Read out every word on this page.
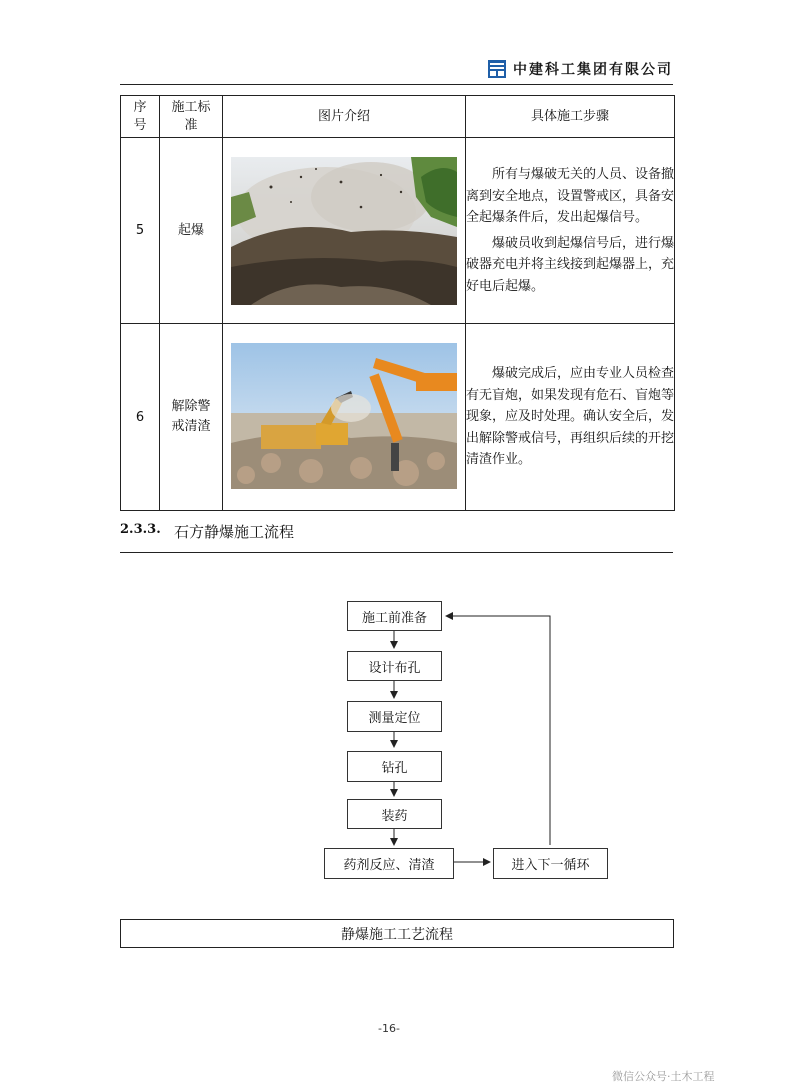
中建科工集团有限公司
序号	施工标准	图片介绍	具体施工步骤
5	起爆		所有与爆破无关的人员、设备撤离到安全地点，设置警戒区，具备安全起爆条件后，发出起爆信号。

爆破员收到起爆信号后，进行爆破器充电并将主线接到起爆器上，充好电后起爆。

6	解除警戒清渣		爆破完成后，应由专业人员检查有无盲炮，如果发现有危石、盲炮等现象，应及时处理。确认安全后，发出解除警戒信号，再组织后续的开挖清渣作业。

2.3.3. 石方静爆施工流程
施工前准备
设计布孔
测量定位
钻孔
装药
药剂反应、清渣	进入下一循环
静爆施工工艺流程
-16-
微信公众号·土木工程
